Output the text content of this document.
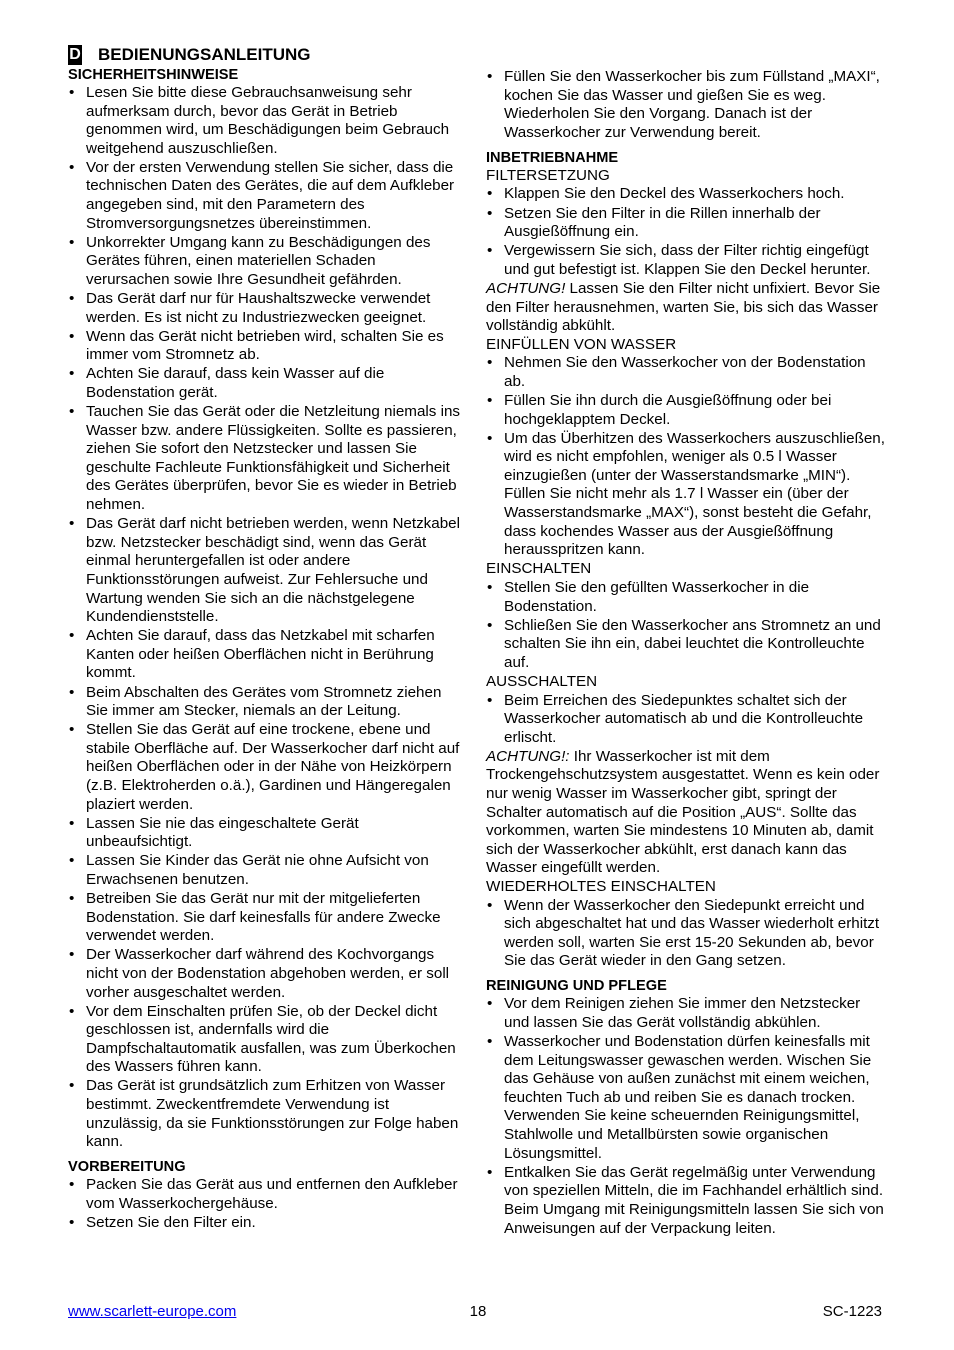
D BEDIENUNGSANLEITUNG
SICHERHEITSHINWEISE
• Lesen Sie bitte diese Gebrauchsanweisung sehr aufmerksam durch, bevor das Gerät in Betrieb genommen wird, um Beschädigungen beim Gebrauch weitgehend auszuschließen.
• Vor der ersten Verwendung stellen Sie sicher, dass die technischen Daten des Gerätes, die auf dem Aufkleber angegeben sind, mit den Parametern des Stromversorgungsnetzes übereinstimmen.
• Unkorrekter Umgang kann zu Beschädigungen des Gerätes führen, einen materiellen Schaden verursachen sowie Ihre Gesundheit gefährden.
• Das Gerät darf nur für Haushaltszwecke verwendet werden. Es ist nicht zu Industriezwecken geeignet.
• Wenn das Gerät nicht betrieben wird, schalten Sie es immer vom Stromnetz ab.
• Achten Sie darauf, dass kein Wasser auf die Bodenstation gerät.
• Tauchen Sie das Gerät oder die Netzleitung niemals ins Wasser bzw. andere Flüssigkeiten. Sollte es passieren, ziehen Sie sofort den Netzstecker und lassen Sie geschulte Fachleute Funktionsfähigkeit und Sicherheit des Gerätes überprüfen, bevor Sie es wieder in Betrieb nehmen.
• Das Gerät darf nicht betrieben werden, wenn Netzkabel bzw. Netzstecker beschädigt sind, wenn das Gerät einmal heruntergefallen ist oder andere Funktionsstörungen aufweist. Zur Fehlersuche und Wartung wenden Sie sich an die nächstgelegene Kundendienststelle.
• Achten Sie darauf, dass das Netzkabel mit scharfen Kanten oder heißen Oberflächen nicht in Berührung kommt.
• Beim Abschalten des Gerätes vom Stromnetz ziehen Sie immer am Stecker, niemals an der Leitung.
• Stellen Sie das Gerät auf eine trockene, ebene und stabile Oberfläche auf. Der Wasserkocher darf nicht auf heißen Oberflächen oder in der Nähe von Heizkörpern (z.B. Elektroherden o.ä.), Gardinen und Hängeregalen plaziert werden.
• Lassen Sie nie das eingeschaltete Gerät unbeaufsichtigt.
• Lassen Sie Kinder das Gerät nie ohne Aufsicht von Erwachsenen benutzen.
• Betreiben Sie das Gerät nur mit der mitgelieferten Bodenstation. Sie darf keinesfalls für andere Zwecke verwendet werden.
• Der Wasserkocher darf während des Kochvorgangs nicht von der Bodenstation abgehoben werden, er soll vorher ausgeschaltet werden.
• Vor dem Einschalten prüfen Sie, ob der Deckel dicht geschlossen ist, andernfalls wird die Dampfschaltautomatik ausfallen, was zum Überkochen des Wassers führen kann.
• Das Gerät ist grundsätzlich zum Erhitzen von Wasser bestimmt. Zweckentfremdete Verwendung ist unzulässig, da sie Funktionsstörungen zur Folge haben kann.
VORBEREITUNG
• Packen Sie das Gerät aus und entfernen den Aufkleber vom Wasserkochergehäuse.
• Setzen Sie den Filter ein.
• Füllen Sie den Wasserkocher bis zum Füllstand „MAXI“, kochen Sie das Wasser und gießen Sie es weg. Wiederholen Sie den Vorgang. Danach ist der Wasserkocher zur Verwendung bereit.
INBETRIEBNAHME

FILTERSETZUNG

• Klappen Sie den Deckel des Wasserkochers hoch.
• Setzen Sie den Filter in die Rillen innerhalb der Ausgießöffnung ein.
• Vergewissern Sie sich, dass der Filter richtig eingefügt und gut befestigt ist. Klappen Sie den Deckel herunter.

ACHTUNG! Lassen Sie den Filter nicht unfixiert. Bevor Sie den Filter herausnehmen, warten Sie, bis sich das Wasser vollständig abkühlt.

EINFÜLLEN VON WASSER

• Nehmen Sie den Wasserkocher von der Bodenstation ab.
• Füllen Sie ihn durch die Ausgießöffnung oder bei hochgeklapptem Deckel.
• Um das Überhitzen des Wasserkochers auszuschließen, wird es nicht empfohlen, weniger als 0.5 l Wasser einzugießen (unter der Wasserstandsmarke „MIN“). Füllen Sie nicht mehr als 1.7 l Wasser ein (über der Wasserstandsmarke „MAX“), sonst besteht die Gefahr, dass kochendes Wasser aus der Ausgießöffnung herausspritzen kann.

EINSCHALTEN

• Stellen Sie den gefüllten Wasserkocher in die Bodenstation.
• Schließen Sie den Wasserkocher ans Stromnetz an und schalten Sie ihn ein, dabei leuchtet die Kontrolleuchte auf.

AUSSCHALTEN

• Beim Erreichen des Siedepunktes schaltet sich der Wasserkocher automatisch ab und die Kontrolleuchte erlischt.

ACHTUNG!: Ihr Wasserkocher ist mit dem Trockengehschutzsystem ausgestattet. Wenn es kein oder nur wenig Wasser im Wasserkocher gibt, springt der Schalter automatisch auf die Position „AUS“. Sollte das vorkommen, warten Sie mindestens 10 Minuten ab, damit sich der Wasserkocher abkühlt, erst danach kann das Wasser eingefüllt werden.

WIEDERHOLTES EINSCHALTEN

• Wenn der Wasserkocher den Siedepunkt erreicht und sich abgeschaltet hat und das Wasser wiederholt erhitzt werden soll, warten Sie erst 15-20 Sekunden ab, bevor Sie das Gerät wieder in den Gang setzen.
REINIGUNG UND PFLEGE
• Vor dem Reinigen ziehen Sie immer den Netzstecker und lassen Sie das Gerät vollständig abkühlen.
• Wasserkocher und Bodenstation dürfen keinesfalls mit dem Leitungswasser gewaschen werden. Wischen Sie das Gehäuse von außen zunächst mit einem weichen, feuchten Tuch ab und reiben Sie es danach trocken. Verwenden Sie keine scheuernden Reinigungsmittel, Stahlwolle und Metallbürsten sowie organischen Lösungsmittel.
• Entkalken Sie das Gerät regelmäßig unter Verwendung von speziellen Mitteln, die im Fachhandel erhältlich sind. Beim Umgang mit Reinigungsmitteln lassen Sie sich von Anweisungen auf der Verpackung leiten.
www.scarlett-europe.com	18	SC-1223
